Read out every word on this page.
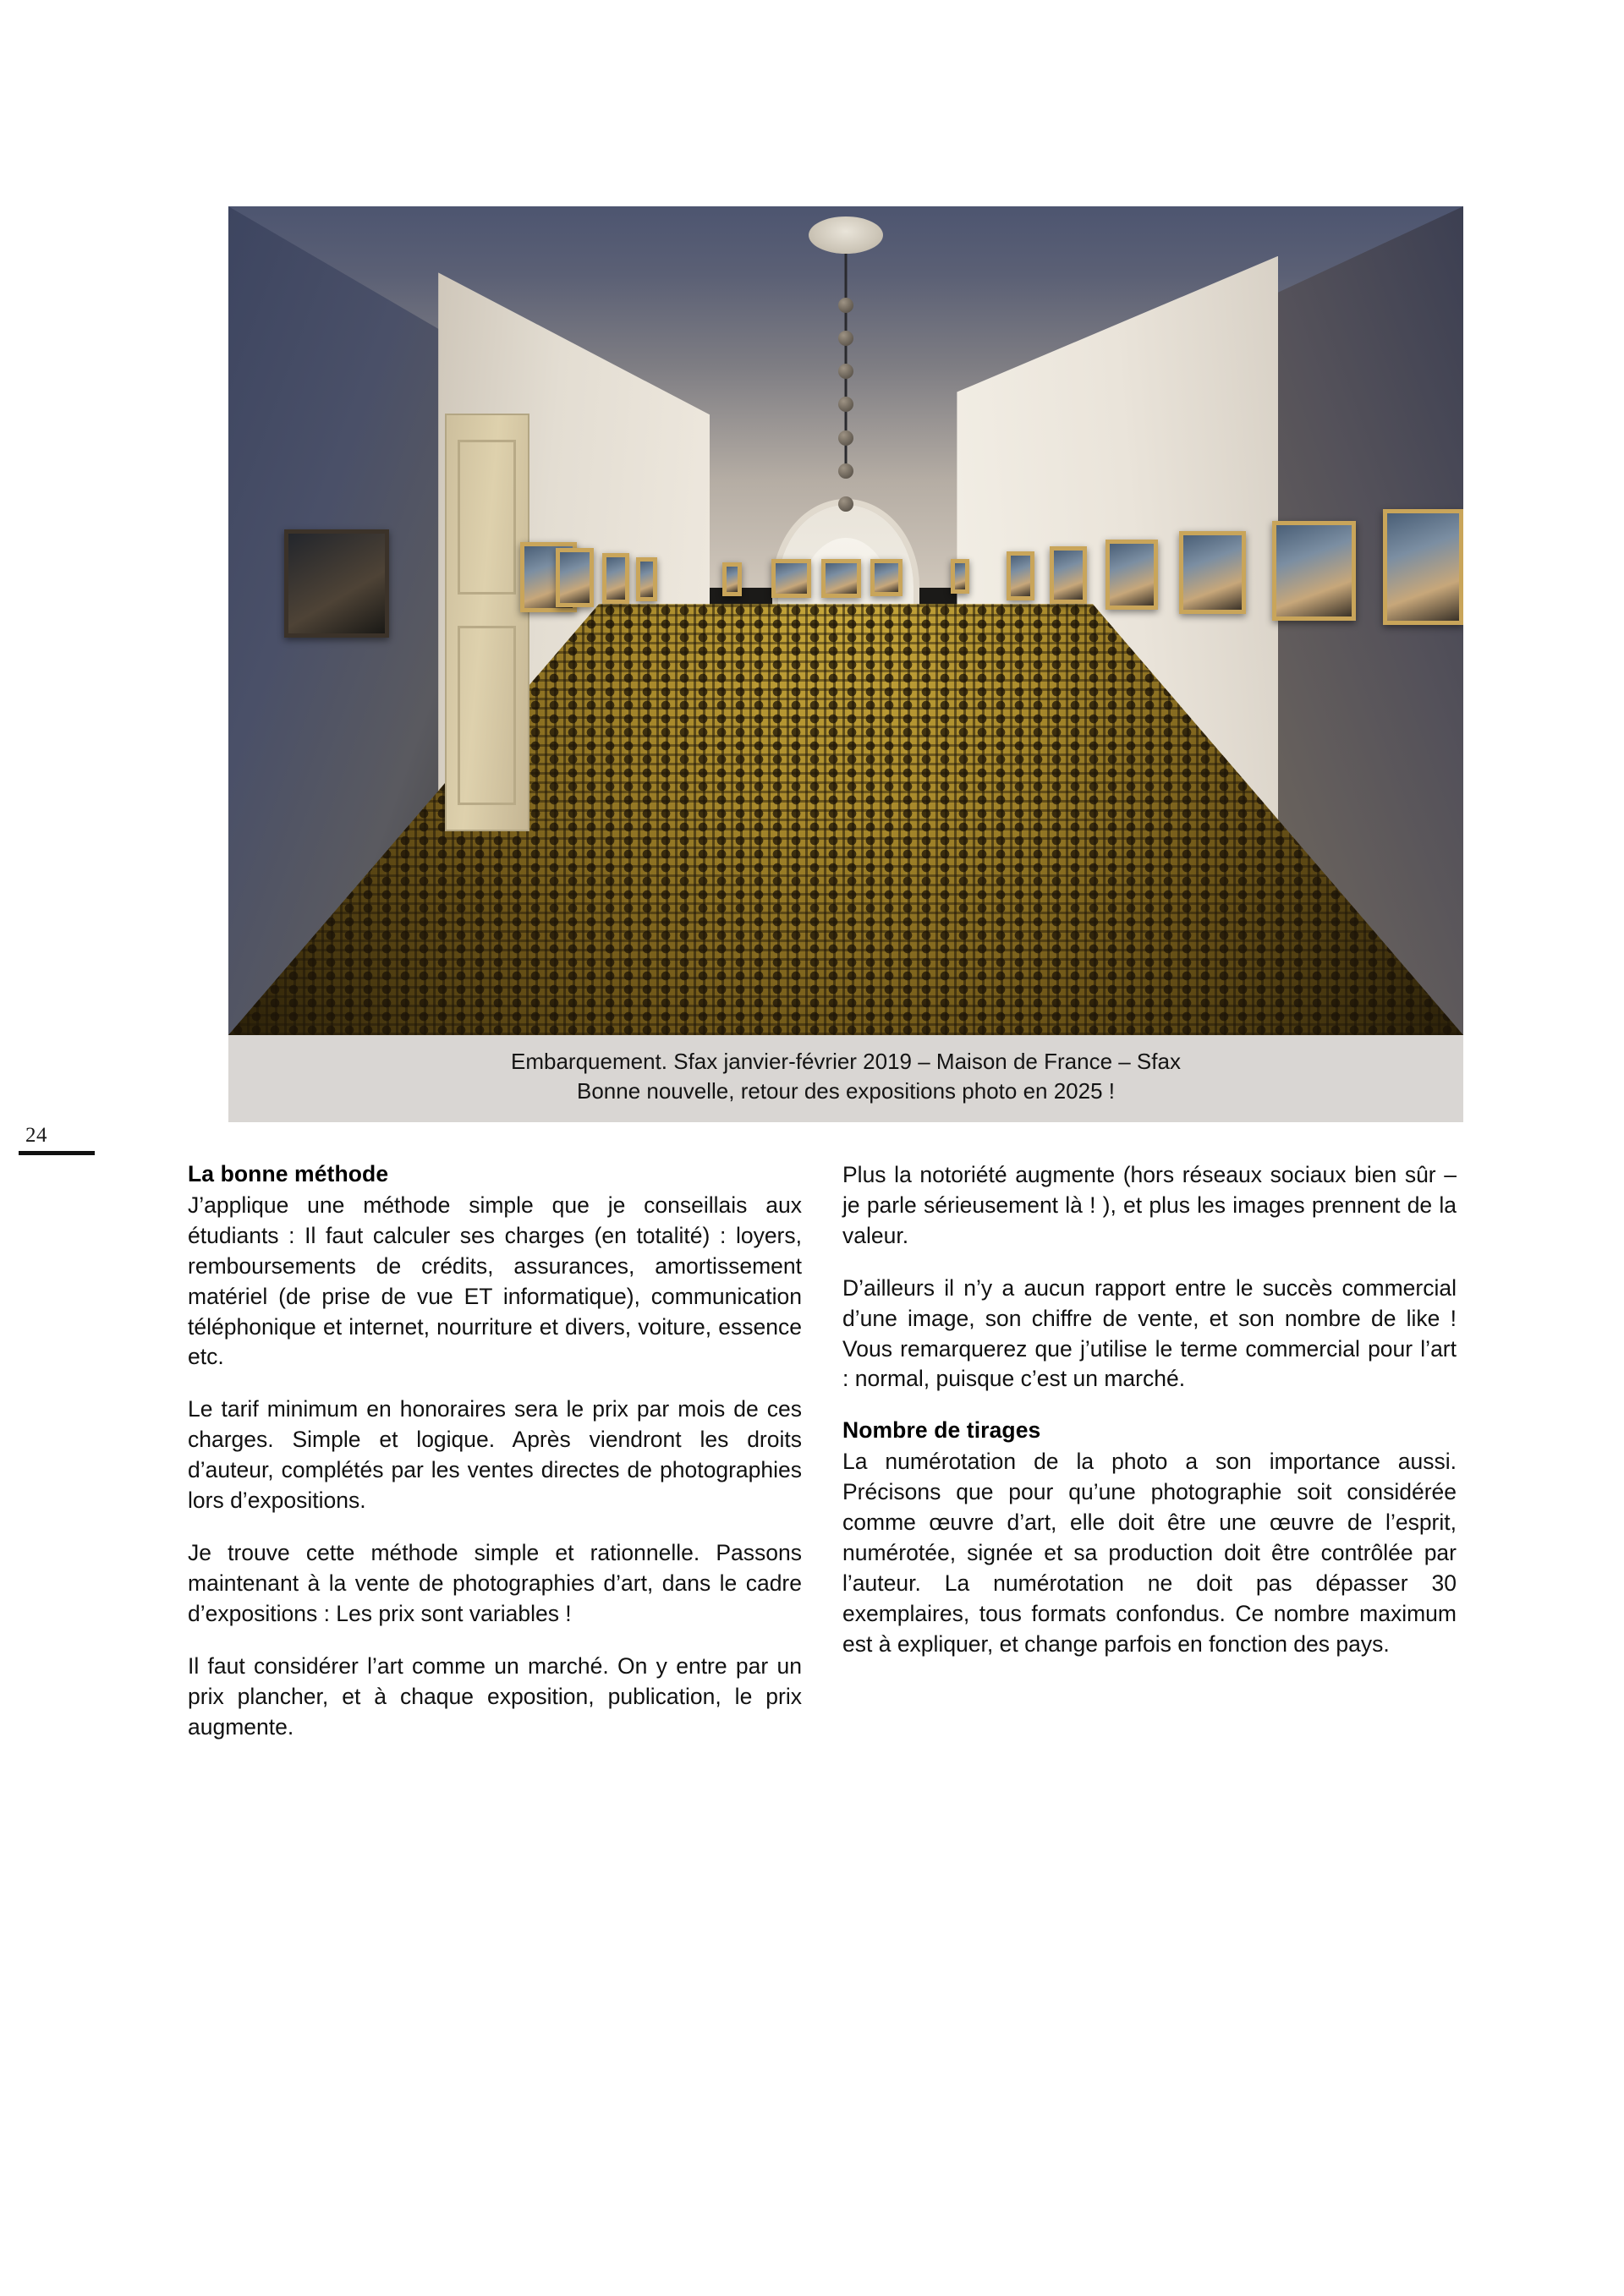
24
Embarquement. Sfax janvier-février 2019 – Maison de France – Sfax
Bonne nouvelle, retour des expositions photo en 2025 !
La bonne méthode

J’applique une méthode simple que je conseillais aux étudiants : Il faut calculer ses charges (en totalité) : loyers, remboursements de crédits, assurances, amortissement matériel (de prise de vue ET informatique), communication téléphonique et internet, nourriture et divers, voiture, essence etc.

Le tarif minimum en honoraires sera le prix par mois de ces charges. Simple et logique. Après viendront les droits d’auteur, complétés par les ventes directes de photographies lors d’expositions.

Je trouve cette méthode simple et rationnelle. Passons maintenant à la vente de photographies d’art, dans le cadre d’expositions : Les prix sont variables !

Il faut considérer l’art comme un marché. On y entre par un prix plancher, et à chaque exposition, publication, le prix augmente.

Plus la notoriété augmente (hors réseaux sociaux bien sûr – je parle sérieusement là ! ), et plus les images prennent de la valeur.

D’ailleurs il n’y a aucun rapport entre le succès commercial d’une image, son chiffre de vente, et son nombre de like ! Vous remarquerez que j’utilise le terme commercial pour l’art : normal, puisque c’est un marché.

Nombre de tirages

La numérotation de la photo a son importance aussi. Précisons que pour qu’une photographie soit considérée comme œuvre d’art, elle doit être une œuvre de l’esprit, numérotée, signée et sa production doit être contrôlée par l’auteur. La numérotation ne doit pas dépasser 30 exemplaires, tous formats confondus. Ce nombre maximum est à expliquer, et change parfois en fonction des pays.
